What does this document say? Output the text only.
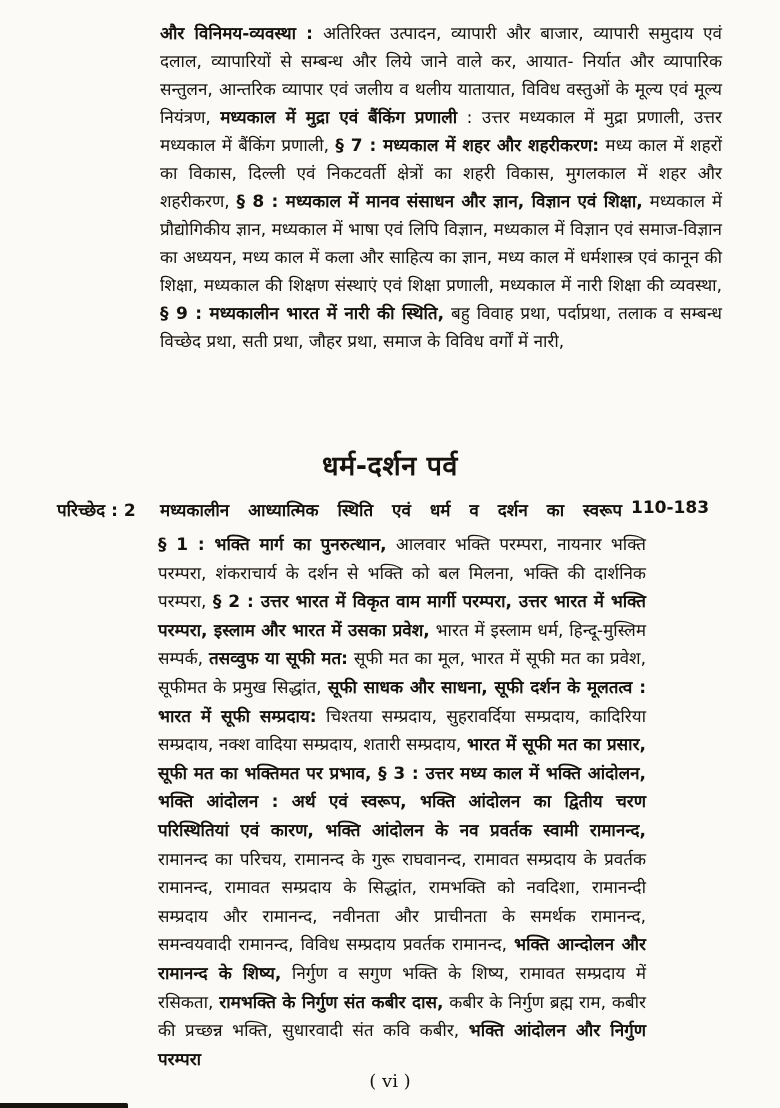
और विनिमय-व्यवस्था : अतिरिक्त उत्पादन, व्यापारी और बाजार, व्यापारी समुदाय एवं दलाल, व्यापारियों से सम्बन्ध और लिये जाने वाले कर, आयात- निर्यात और व्यापारिक सन्तुलन, आन्तरिक व्यापार एवं जलीय व थलीय यातायात, विविध वस्तुओं के मूल्य एवं मूल्य नियंत्रण, मध्यकाल में मुद्रा एवं बैंकिंग प्रणाली : उत्तर मध्यकाल में मुद्रा प्रणाली, उत्तर मध्यकाल में बैंकिंग प्रणाली, § 7 : मध्यकाल में शहर और शहरीकरण: मध्य काल में शहरों का विकास, दिल्ली एवं निकटवर्ती क्षेत्रों का शहरी विकास, मुगलकाल में शहर और शहरीकरण, § 8 : मध्यकाल में मानव संसाधन और ज्ञान, विज्ञान एवं शिक्षा, मध्यकाल में प्रौद्योगिकीय ज्ञान, मध्यकाल में भाषा एवं लिपि विज्ञान, मध्यकाल में विज्ञान एवं समाज-विज्ञान का अध्ययन, मध्य काल में कला और साहित्य का ज्ञान, मध्य काल में धर्मशास्त्र एवं कानून की शिक्षा, मध्यकाल की शिक्षण संस्थाएं एवं शिक्षा प्रणाली, मध्यकाल में नारी शिक्षा की व्यवस्था, § 9 : मध्यकालीन भारत में नारी की स्थिति, बहु विवाह प्रथा, पर्दाप्रथा, तलाक व सम्बन्ध विच्छेद प्रथा, सती प्रथा, जौहर प्रथा, समाज के विविध वर्गों में नारी,
धर्म-दर्शन पर्व
परिच्छेद : 2 मध्यकालीन आध्यात्मिक स्थिति एवं धर्म व दर्शन का स्वरूप 110-183
§ 1 : भक्ति मार्ग का पुनरुत्थान, आलवार भक्ति परम्परा, नायनार भक्ति परम्परा, शंकराचार्य के दर्शन से भक्ति को बल मिलना, भक्ति की दार्शनिक परम्परा, § 2 : उत्तर भारत में विकृत वाम मार्गी परम्परा, उत्तर भारत में भक्ति परम्परा, इस्लाम और भारत में उसका प्रवेश, भारत में इस्लाम धर्म, हिन्दू-मुस्लिम सम्पर्क, तसव्वुफ या सूफी मत: सूफी मत का मूल, भारत में सूफी मत का प्रवेश, सूफीमत के प्रमुख सिद्धांत, सूफी साधक और साधना, सूफी दर्शन के मूलतत्व : भारत में सूफी सम्प्रदाय: चिश्तया सम्प्रदाय, सुहरावर्दिया सम्प्रदाय, कादिरिया सम्प्रदाय, नक्श वादिया सम्प्रदाय, शतारी सम्प्रदाय, भारत में सूफी मत का प्रसार, सूफी मत का भक्तिमत पर प्रभाव, § 3 : उत्तर मध्य काल में भक्ति आंदोलन, भक्ति आंदोलन : अर्थ एवं स्वरूप, भक्ति आंदोलन का द्वितीय चरण परिस्थितियां एवं कारण, भक्ति आंदोलन के नव प्रवर्तक स्वामी रामानन्द, रामानन्द का परिचय, रामानन्द के गुरू राघवानन्द, रामावत सम्प्रदाय के प्रवर्तक रामानन्द, रामावत सम्प्रदाय के सिद्धांत, रामभक्ति को नवदिशा, रामानन्दी सम्प्रदाय और रामानन्द, नवीनता और प्राचीनता के समर्थक रामानन्द, समन्वयवादी रामानन्द, विविध सम्प्रदाय प्रवर्तक रामानन्द, भक्ति आन्दोलन और रामानन्द के शिष्य, निर्गुण व सगुण भक्ति के शिष्य, रामावत सम्प्रदाय में रसिकता, रामभक्ति के निर्गुण संत कबीर दास, कबीर के निर्गुण ब्रह्म राम, कबीर की प्रच्छन्न भक्ति, सुधारवादी संत कवि कबीर, भक्ति आंदोलन और निर्गुण परम्परा
( vi )
